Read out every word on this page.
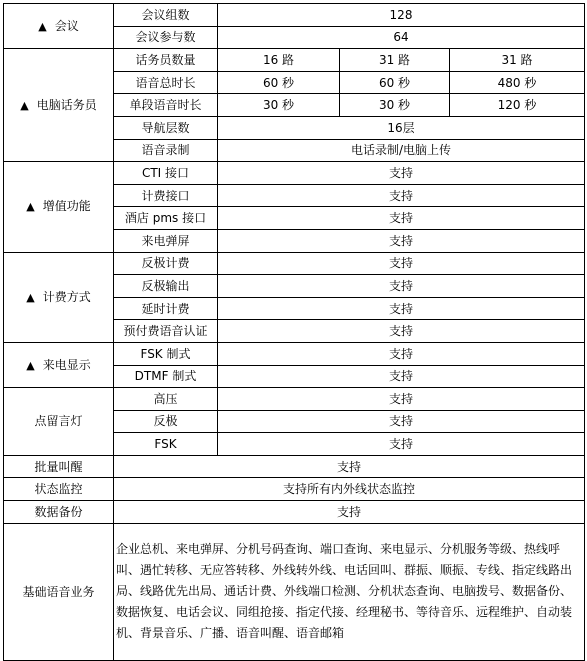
▲ 会议	会议组数	128		
	会议参与数	64		
▲ 电脑话务员	话务员数量	16 路	31 路	31 路
	语音总时长	60 秒	60 秒	480 秒
	单段语音时长	30 秒	30 秒	120 秒
	导航层数	16层		
	语音录制	电话录制/电脑上传		
▲ 增值功能	CTI 接口	支持		
	计费接口	支持		
	酒店 pms 接口	支持		
	来电弹屏	支持		
▲ 计费方式	反极计费	支持		
	反极输出	支持		
	延时计费	支持		
	预付费语音认证	支持		
▲ 来电显示	FSK 制式	支持		
	DTMF 制式	支持		
点留言灯	高压	支持		
	反极	支持		
	FSK	支持		
批量叫醒	支持			
状态监控	支持所有内外线状态监控			
数据备份	支持			
基础语音业务	企业总机、来电弹屏、分机号码查询、端口查询、来电显示、分机服务等级、热线呼叫、遇忙转移、无应答转移、外线转外线、电话回叫、群振、顺振、专线、指定线路出局、线路优先出局、通话计费、外线端口检测、分机状态查询、电脑拨号、数据备份、数据恢复、电话会议、同组抢接、指定代接、经理秘书、等待音乐、远程维护、自动装机、背景音乐、广播、语音叫醒、语音邮箱			
